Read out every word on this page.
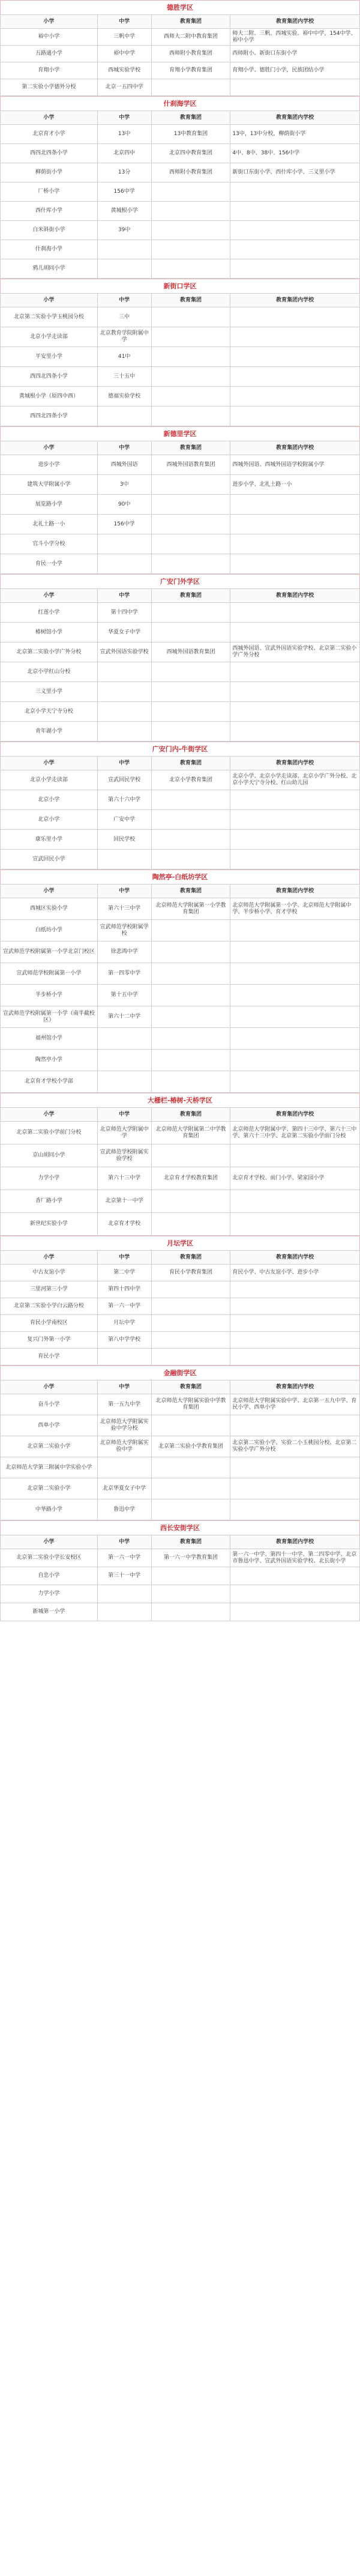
德胜学区
小学	中学	教育集团	教育集团内学校
裕中小学	三帆中学	西师大二附中教育集团	师大二附、三帆、西城实验、裕中中学，154中学、裕中小学
五路通小学	裕中中学	西师附小教育集团	西师附小、新街口东街小学
育翔小学	西城实验学校	育翔小学教育集团	育翔小学、德胜门小学，民族团结小学
第二实验小学德外分校	北京一五四中学		
什刹海学区
小学	中学	教育集团	教育集团内学校
北京育才小学	13中	13中教育集团	13中，13中分校，柳荫街小学
西四北四条小学	北京四中	北京四中教育集团	4中、8中、38中、156中学
柳荫街小学	13分	西师附小教育集团	新街口东街小学、西什库小学、三义里小学
厂桥小学	156中学		
西什库小学	黄城根小学		
白米斜街小学	39中		
什刹海小学			
鸦儿胡同小学			
新街口学区
小学	中学	教育集团	教育集团内学校
北京第二实验小学玉桃园分校	三中		
北京小学走读部	北京教育学院附属中学		
平安里小学	41中		
西四北四条小学	三十五中		
黄城根小学（原四中西）	德福实验学校		
西四北四条小学			
新德里学区
小学	中学	教育集团	教育集团内学校
进步小学	西城外国语	西城外国语教育集团	西城外国语、西城外国语学校附属小学
建筑大学附属小学	3中		进步小学、北礼土路一小
展览路小学	90中		
北礼土路一小	156中学		
官斗小学分校			
育民一小学			
广安门外学区
小学	中学	教育集团	教育集团内学校
红莲小学	第十四中学		
椿树馆小学	华夏女子中学		
北京第二实验小学广外分校	宣武外国语实验学校	西城外国语教育集团	西城外国语、宣武外国语实验学校、北京第二实验小学广外分校
北京小学红山分校			
三义里小学			
北京小学天宁寺分校			
青年湖小学			
广安门内-牛街学区
小学	中学	教育集团	教育集团内学校
北京小学走读部	宣武回民学校	北京小学教育集团	北京小学、北京小学走读部、北京小学广外分校、北京小学天宁寺分校、红山幼儿园
北京小学	第六十六中学		
北京小学	广安中学		
康乐里小学	回民学校		
宣武回民小学			
陶然亭-白纸坊学区
小学	中学	教育集团	教育集团内学校
西城区实验小学	第六十三中学	北京师范大学附属第一小学教育集团	北京师范大学附属第一小学、北京师范大学附属中学、半步桥小学、育才学校
白纸坊小学	宣武师范学校附属学校		
宣武师范学校附属第一小学北京门校区	徐悲鸿中学		
宣武师范学校附属第一小学	第一四零中学		
半步桥小学	第十五中学		
宣武师范学校附属第一小学（南半截校区）	第六十二中学		
福州馆小学			
陶然亭小学			
北京育才学校小学部			
大栅栏-椿树-天桥学区
小学	中学	教育集团	教育集团内学校
北京第二实验小学前门分校	北京师范大学附属中学	北京师范大学附属第二中学教育集团	北京师范大学附属中学、第四十三中学、第六十三中学、第六十三中学、北京第二实验小学前门分校
京山胡同小学	宣武师范学校附属实验学校		
力学小学	第六十三中学	北京育才学校教育集团	北京育才学校、前门小学、梁家园小学
香厂路小学	北京第十一中学		
新世纪实验小学	北京育才学校		
月坛学区
小学	中学	教育集团	教育集团内学校
中古友谊小学	第二中学	育民小学教育集团	育民小学、中古友谊小学、进步小学
三里河第三小学	第四十四中学		
北京第二实验小学白云路分校	第一六一中学		
育民小学南校区	月坛中学		
复兴门外第一小学	第八中学学校		
育民小学			
金融街学区
小学	中学	教育集团	教育集团内学校
奋斗小学	第一五九中学	北京师范大学附属实验中学教育集团	北京师范大学附属实验中学、北京第一五九中学、育民小学、西单小学
西单小学	北京师范大学附属实验中学分校		
北京第二实验小学	北京师范大学附属实验中学	北京第二实验小学教育集团	北京第二实验小学、实验二小玉桃园分校、北京第二实验小学广外分校
北京师范大学第三附属中学实验小学			
北京第二实验小学	北京华夏女子中学		
中华路小学	鲁迅中学		
西长安街学区
小学	中学	教育集团	教育集团内学校
北京第二实验小学长安校区	第一六一中学	第一六一中学教育集团	第一六一中学、第四十一中学、第二四零中学、北京市鲁迅中学、宣武外国语实验学校、北长街小学
自忠小学	第三十一中学		
力学小学			
新城第一小学			
